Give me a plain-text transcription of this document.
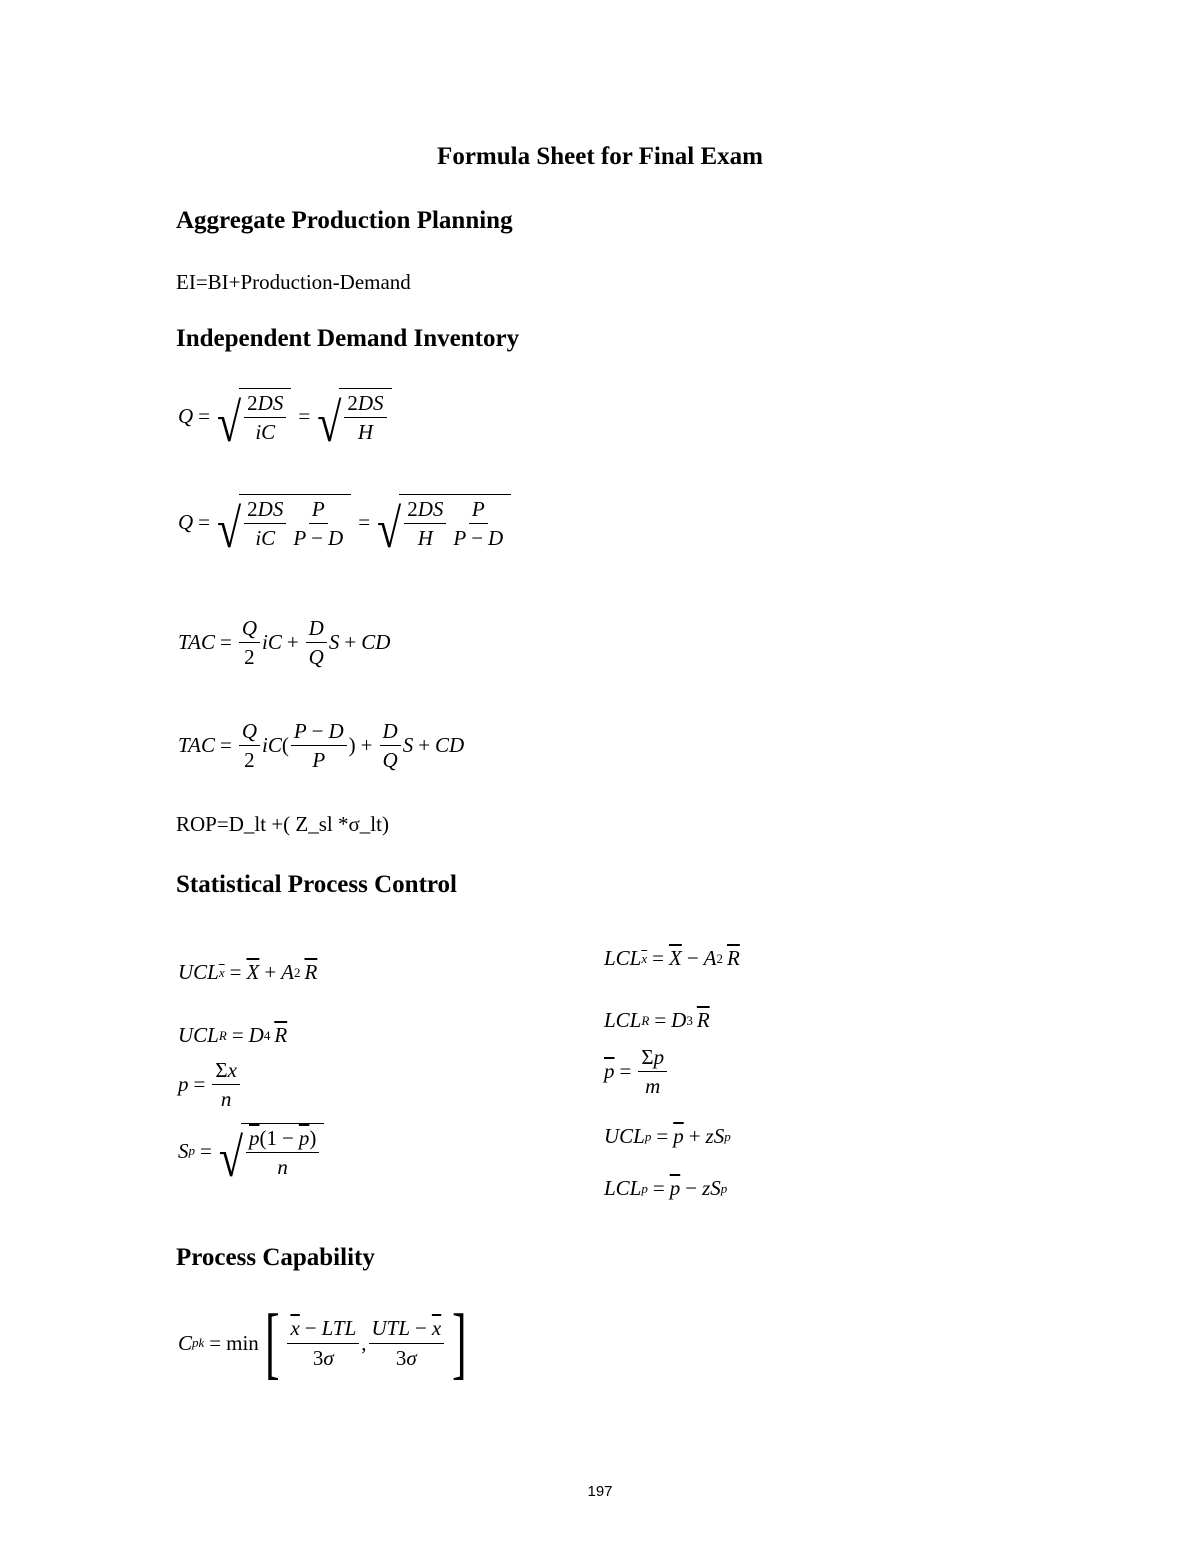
Formula Sheet for Final Exam
Aggregate Production Planning
EI=BI+Production-Demand
Independent Demand Inventory
Q = √ $\frac{2DS}{iC}$ = √ $\frac{2DS}{H}$
Q = √ $\frac{2DS}{iC} \frac{P}{P - D}$ = √ $\frac{2DS}{H} \frac{P}{P - D}$
TAC = $\frac{Q}{2}$ iC + $\frac{D}{Q}$ S + CD
TAC = $\frac{Q}{2}$ iC ( $\frac{P - D}{P}$ ) + $\frac{D}{Q}$ S + CD
ROP=D_lt +( Z_sl *σ_lt)
Statistical Process Control
UCL $\overline{x} = \overline{X} + A$ 2 $\overline{R}$
UCL R = D 4 $\overline{R}$
$p = \frac{\Sigma x}{n}$
S p = √ $\frac{p(1 - \overline{p})}{n}$
LCL $\overline{x} = \overline{X} - A$ 2 $\overline{R}$
LCL R = D 3 $\overline{R}$
$\overline{p} = \frac{\Sigma p}{m}$
UCL $p = \overline{p}$ + zS p
LCL $p = \overline{p}$ − zS p
Process Capability
C pk = min [ $\frac{\overline{x} - LTL}{3\sigma}$ , $\frac{UTL - \overline{x}}{3\sigma}$ ]
197
